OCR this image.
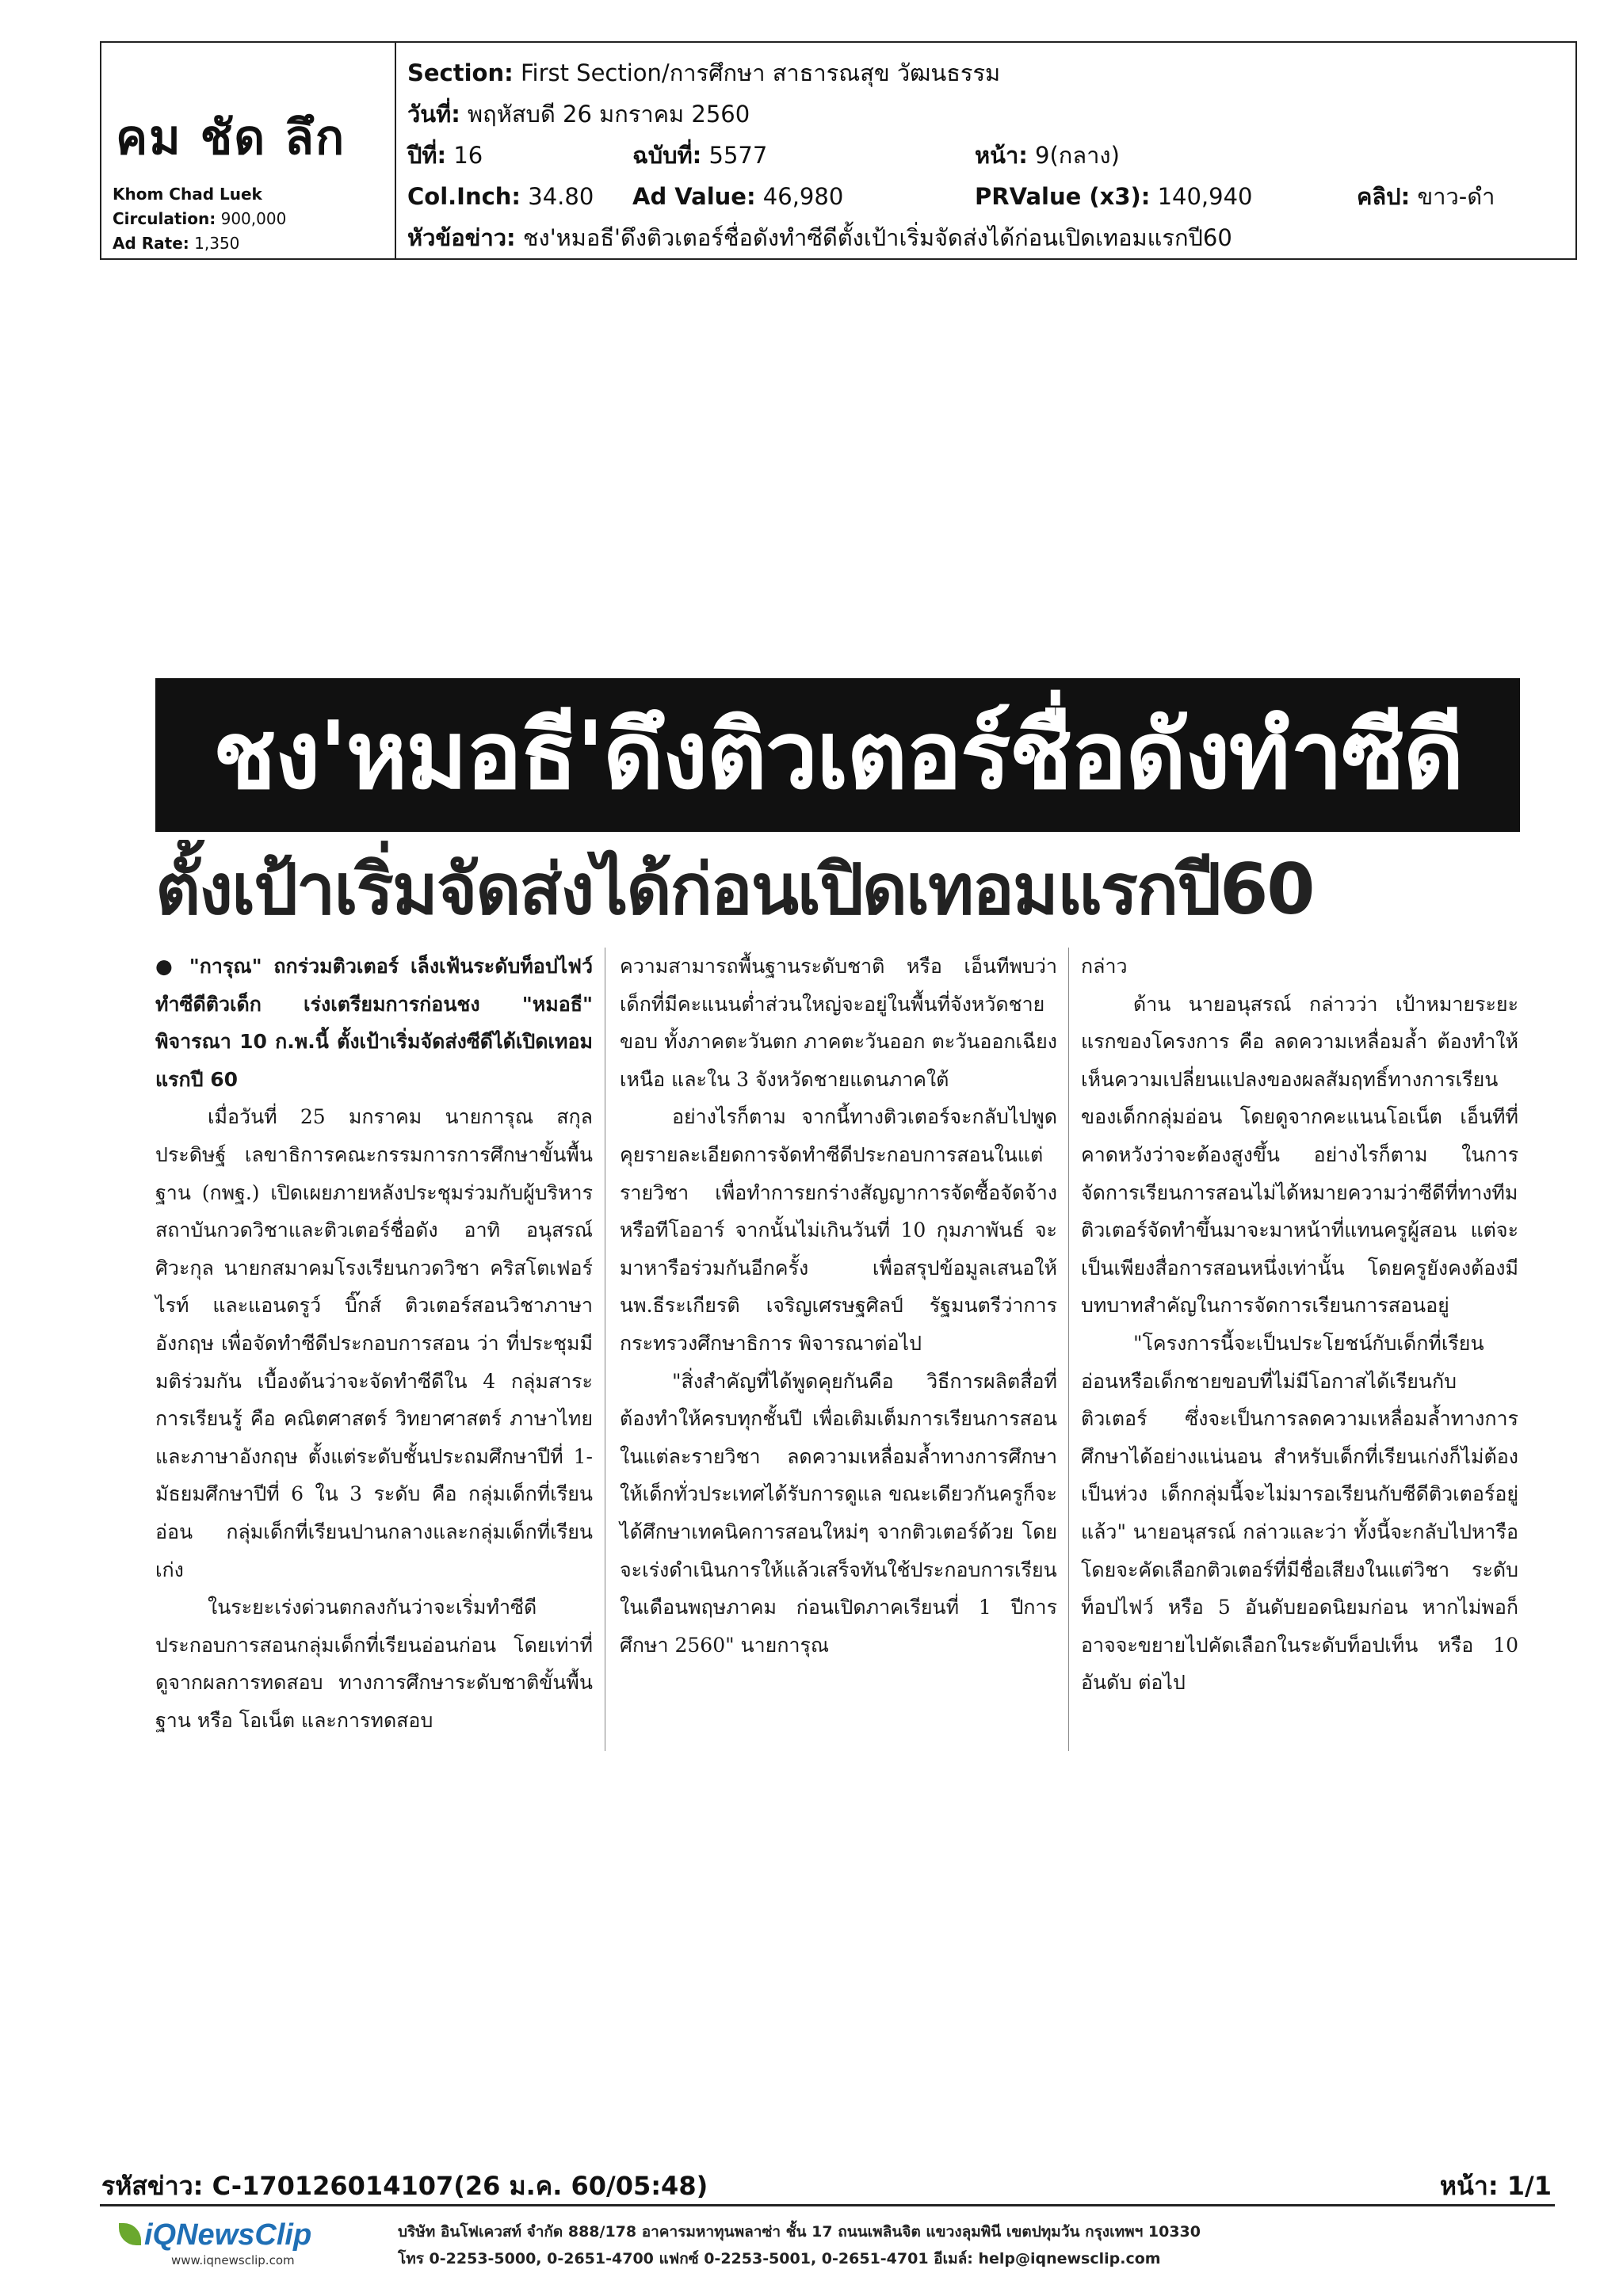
คม ชัด ลึก
Khom Chad Luek
Circulation: 900,000
Ad Rate: 1,350
Section: First Section/การศึกษา สาธารณสุข วัฒนธรรม
วันที่: พฤหัสบดี 26 มกราคม 2560
ปีที่: 16	ฉบับที่: 5577	หน้า: 9(กลาง)
Col.Inch: 34.80 Ad Value: 46,980	PRValue (x3): 140,940	คลิป: ขาว-ดำ
หัวข้อข่าว: ชง'หมอธี'ดึงติวเตอร์ชื่อดังทำซีดีตั้งเป้าเริ่มจัดส่งได้ก่อนเปิดเทอมแรกปี60
ชง'หมอธี'ดึงติวเตอร์ชื่อดังทำซีดี
ตั้งเป้าเริ่มจัดส่งได้ก่อนเปิดเทอมแรกปี60

● "การุณ" ถกร่วมติวเตอร์ เล็งเฟ้นระดับท็อปไฟว์ ทำซีดีติวเด็ก เร่งเตรียมการก่อนชง "หมอธี" พิจารณา 10 ก.พ.นี้ ตั้งเป้าเริ่มจัดส่งซีดีได้เปิดเทอมแรกปี 60

เมื่อวันที่ 25 มกราคม นายการุณ สกุลประดิษฐ์ เลขาธิการคณะกรรมการการศึกษาขั้นพื้นฐาน (กพฐ.) เปิดเผยภายหลังประชุมร่วมกับผู้บริหารสถาบันกวดวิชาและติวเตอร์ชื่อดัง อาทิ อนุสรณ์ ศิวะกุล นายกสมาคมโรงเรียนกวดวิชา คริสโตเฟอร์ ไรท์ และแอนดรูว์ บิ๊กส์ ติวเตอร์สอนวิชาภาษาอังกฤษ เพื่อจัดทำซีดีประกอบการสอน ว่า ที่ประชุมมีมติร่วมกัน เบื้องต้นว่าจะจัดทำซีดีใน 4 กลุ่มสาระการเรียนรู้ คือ คณิตศาสตร์ วิทยาศาสตร์ ภาษาไทย และภาษาอังกฤษ ตั้งแต่ระดับชั้นประถมศึกษาปีที่ 1-มัธยมศึกษาปีที่ 6 ใน 3 ระดับ คือ กลุ่มเด็กที่เรียนอ่อน กลุ่มเด็กที่เรียนปานกลางและกลุ่มเด็กที่เรียนเก่ง

ในระยะเร่งด่วนตกลงกันว่าจะเริ่มทำซีดีประกอบการสอนกลุ่มเด็กที่เรียนอ่อนก่อน โดยเท่าที่ดูจากผลการทดสอบ ทางการศึกษาระดับชาติขั้นพื้นฐาน หรือ โอเน็ต และการทดสอบ

ความสามารถพื้นฐานระดับชาติ หรือ เอ็นทีพบว่าเด็กที่มีคะแนนต่ำส่วนใหญ่จะอยู่ในพื้นที่จังหวัดชายขอบ ทั้งภาคตะวันตก ภาคตะวันออก ตะวันออกเฉียงเหนือ และใน 3 จังหวัดชายแดนภาคใต้

อย่างไรก็ตาม จากนี้ทางติวเตอร์จะกลับไปพูดคุยรายละเอียดการจัดทำซีดีประกอบการสอนในแต่รายวิชา เพื่อทำการยกร่างสัญญาการจัดซื้อจัดจ้าง หรือทีโออาร์ จากนั้นไม่เกินวันที่ 10 กุมภาพันธ์ จะมาหารือร่วมกันอีกครั้ง เพื่อสรุปข้อมูลเสนอให้ นพ.ธีระเกียรติ เจริญเศรษฐศิลป์ รัฐมนตรีว่าการกระทรวงศึกษาธิการ พิจารณาต่อไป

"สิ่งสำคัญที่ได้พูดคุยกันคือ วิธีการผลิตสื่อที่ต้องทำให้ครบทุกชั้นปี เพื่อเติมเต็มการเรียนการสอนในแต่ละรายวิชา ลดความเหลื่อมล้ำทางการศึกษา ให้เด็กทั่วประเทศได้รับการดูแล ขณะเดียวกันครูก็จะได้ศึกษาเทคนิคการสอนใหม่ๆ จากติวเตอร์ด้วย โดยจะเร่งดำเนินการให้แล้วเสร็จทันใช้ประกอบการเรียนในเดือนพฤษภาคม ก่อนเปิดภาคเรียนที่ 1 ปีการศึกษา 2560" นายการุณ

กล่าว

ด้าน นายอนุสรณ์ กล่าวว่า เป้าหมายระยะแรกของโครงการ คือ ลดความเหลื่อมล้ำ ต้องทำให้เห็นความเปลี่ยนแปลงของผลสัมฤทธิ์ทางการเรียนของเด็กกลุ่มอ่อน โดยดูจากคะแนนโอเน็ต เอ็นทีที่คาดหวังว่าจะต้องสูงขึ้น อย่างไรก็ตาม ในการจัดการเรียนการสอนไม่ได้หมายความว่าซีดีที่ทางทีมติวเตอร์จัดทำขึ้นมาจะมาหน้าที่แทนครูผู้สอน แต่จะเป็นเพียงสื่อการสอนหนึ่งเท่านั้น โดยครูยังคงต้องมีบทบาทสำคัญในการจัดการเรียนการสอนอยู่

"โครงการนี้จะเป็นประโยชน์กับเด็กที่เรียนอ่อนหรือเด็กชายขอบที่ไม่มีโอกาสได้เรียนกับติวเตอร์ ซึ่งจะเป็นการลดความเหลื่อมล้ำทางการศึกษาได้อย่างแน่นอน สำหรับเด็กที่เรียนเก่งก็ไม่ต้องเป็นห่วง เด็กกลุ่มนี้จะไม่มารอเรียนกับซีดีติวเตอร์อยู่แล้ว" นายอนุสรณ์ กล่าวและว่า ทั้งนี้จะกลับไปหารือ โดยจะคัดเลือกติวเตอร์ที่มีชื่อเสียงในแต่วิชา ระดับท็อปไฟว์ หรือ 5 อันดับยอดนิยมก่อน หากไม่พอก็อาจจะขยายไปคัดเลือกในระดับท็อปเท็น หรือ 10 อันดับ ต่อไป

รหัสข่าว: C-170126014107(26 ม.ค. 60/05:48)	หน้า: 1/1
iQNewsClip
www.iqnewsclip.com
บริษัท อินโฟเควสท์ จำกัด 888/178 อาคารมหาทุนพลาซ่า ชั้น 17 ถนนเพลินจิต แขวงลุมพินี เขตปทุมวัน กรุงเทพฯ 10330
โทร 0-2253-5000, 0-2651-4700 แฟกซ์ 0-2253-5001, 0-2651-4701 อีเมล์: help@iqnewsclip.com
